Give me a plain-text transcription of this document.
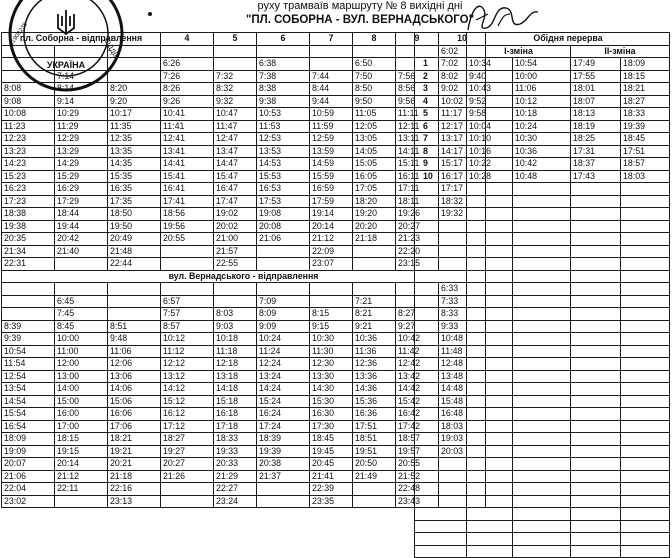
руху трамваїв маршруту № 8 вихідні дні
"ПЛ. СОБОРНА - ВУЛ. ВЕРНАДСЬКОГО"
пл. Соборна - відправлення			4	5	6	7	8	9	10
									6:02
			6:26		6:38		6:50		7:02
	7:14		7:26	7:32	7:38	7:44	7:50	7:56	8:02
8:08	8:14	8:20	8:26	8:32	8:38	8:44	8:50	8:56	9:02
9:08	9:14	9:20	9:26	9:32	9:38	9:44	9:50	9:56	10:02
10:08	10:29	10:17	10:41	10:47	10:53	10:59	11:05	11:11	11:17
11:23	11:29	11:35	11:41	11:47	11:53	11:59	12:05	12:11	12:17
12:23	12:29	12:35	12:41	12:47	12:53	12:59	13:05	13:11	13:17
13:23	13:29	13:35	13:41	13:47	13:53	13:59	14:05	14:11	14:17
14:23	14:29	14:35	14:41	14:47	14:53	14:59	15:05	15:11	15:17
15:23	15:29	15:35	15:41	15:47	15:53	15:59	16:05	16:11	16:17
16:23	16:29	16:35	16:41	16:47	16:53	16:59	17:05	17:11	17:17
17:23	17:29	17:35	17:41	17:47	17:53	17:59	18:20	18:11	18:32
18:38	18:44	18:50	18:56	19:02	19:08	19:14	19:20	19:26	19:32
19:38	19:44	19:50	19:56	20:02	20:08	20:14	20:20	20:27	
20:35	20:42	20:49	20:55	21:00	21:06	21:12	21:18	21:23	
21:34	21:40	21:48		21:57		22:09		22:20	
22:31		22:44		22:55		23:07		23:15	
вул. Вернадського - відправлення									
									6:33
	6:45		6:57		7:09		7:21		7:33
	7:45		7:57	8:03	8:09	8:15	8:21	8:27	8:33
8:39	8:45	8:51	8:57	9:03	9:09	9:15	9:21	9:27	9:33
9:39	10:00	9:48	10:12	10:18	10:24	10:30	10:36	10:42	10:48
10:54	11:00	11:06	11:12	11:18	11:24	11:30	11:36	11:42	11:48
11:54	12:00	12:06	12:12	12:18	12:24	12:30	12:36	12:42	12:48
12:54	13:00	13:06	13:12	13:18	13:24	13:30	13:36	13:42	13:48
13:54	14:00	14:06	14:12	14:18	14:24	14:30	14:36	14:42	14:48
14:54	15:00	15:06	15:12	15:18	15:24	15:30	15:36	15:42	15:48
15:54	16:00	16:06	16:12	16:18	16:24	16:30	16:36	16:42	16:48
16:54	17:00	17:06	17:12	17:18	17:24	17:30	17:51	17:42	18:03
18:09	18:15	18:21	18:27	18:33	18:39	18:45	18:51	18:57	19:03
19:09	19:15	19:21	19:27	19:33	19:39	19:45	19:51	19:57	20:03
20:07	20:14	20:21	20:27	20:33	20:38	20:45	20:50	20:55	
21:06	21:12	21:18	21:26	21:29	21:37	21:41	21:49	21:52	
22:04	22:11	22:16		22:27		22:39		22:48	
23:02		23:13		23:24		23:35		23:43	
	Обідня перерва			
	І-зміна		ІІ-зміна	
1	10:34	10:54	17:49	18:09
2	9:40	10:00	17:55	18:15
3	10:43	11:06	18:01	18:21
4	9:52	10:12	18:07	18:27
5	9:58	10:18	18:13	18:33
6	10:04	10:24	18:19	19:39
7	10:10	10:30	18:25	18:45
8	10:16	10:36	17:31	17:51
9	10:22	10:42	18:37	18:57
10	10:28	10:48	17:43	18:03

УКРАЇНА
ВІДДІЛ
31908238
